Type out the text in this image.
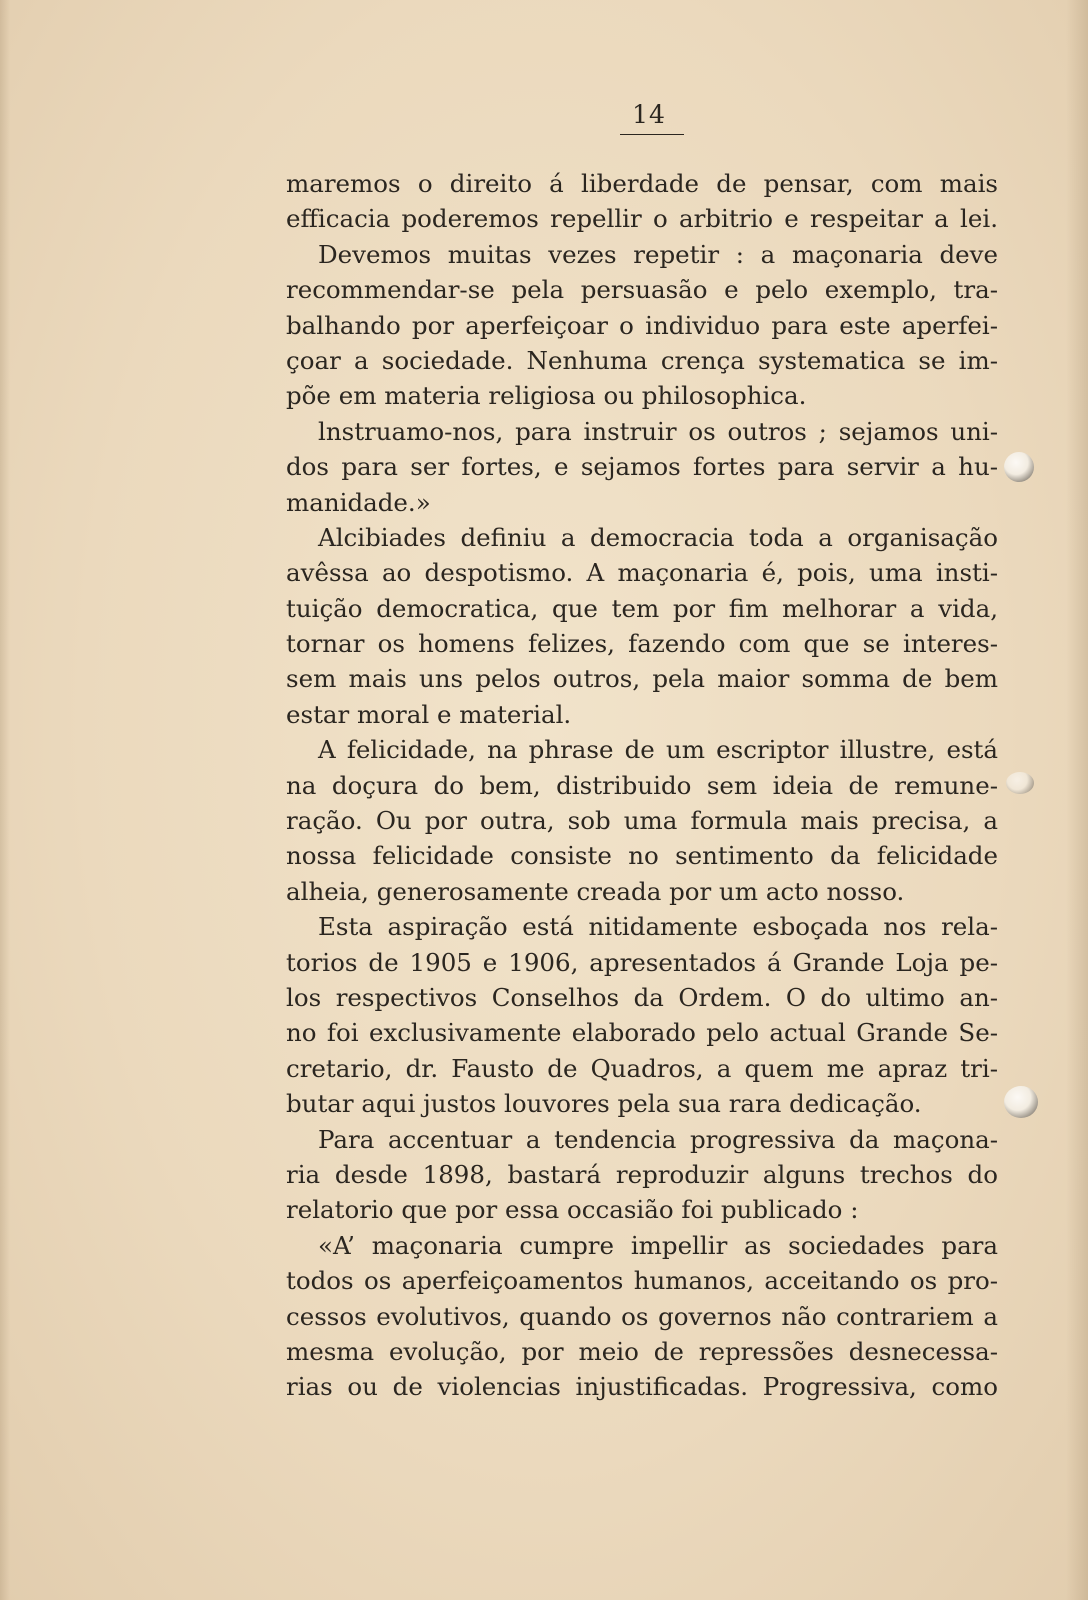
14
maremos o direito á liberdade de pensar, com mais
efficacia poderemos repellir o arbitrio e respeitar a lei.
Devemos muitas vezes repetir : a maçonaria deve
recommendar-se pela persuasão e pelo exemplo, tra-
balhando por aperfeiçoar o individuo para este aperfei-
çoar a sociedade. Nenhuma crença systematica se im-
põe em materia religiosa ou philosophica.
lnstruamo-nos, para instruir os outros ; sejamos uni-
dos para ser fortes, e sejamos fortes para servir a hu-
manidade.»
Alcibiades definiu a democracia toda a organisação
avêssa ao despotismo. A maçonaria é, pois, uma insti-
tuição democratica, que tem por fim melhorar a vida,
tornar os homens felizes, fazendo com que se interes-
sem mais uns pelos outros, pela maior somma de bem
estar moral e material.
A felicidade, na phrase de um escriptor illustre, está
na doçura do bem, distribuido sem ideia de remune-
ração. Ou por outra, sob uma formula mais precisa, a
nossa felicidade consiste no sentimento da felicidade
alheia, generosamente creada por um acto nosso.
Esta aspiração está nitidamente esboçada nos rela-
torios de 1905 e 1906, apresentados á Grande Loja pe-
los respectivos Conselhos da Ordem. O do ultimo an-
no foi exclusivamente elaborado pelo actual Grande Se-
cretario, dr. Fausto de Quadros, a quem me apraz tri-
butar aqui justos louvores pela sua rara dedicação.
Para accentuar a tendencia progressiva da maçona-
ria desde 1898, bastará reproduzir alguns trechos do
relatorio que por essa occasião foi publicado :
«A’ maçonaria cumpre impellir as sociedades para
todos os aperfeiçoamentos humanos, acceitando os pro-
cessos evolutivos, quando os governos não contrariem a
mesma evolução, por meio de repressões desnecessa-
rias ou de violencias injustificadas. Progressiva, como
